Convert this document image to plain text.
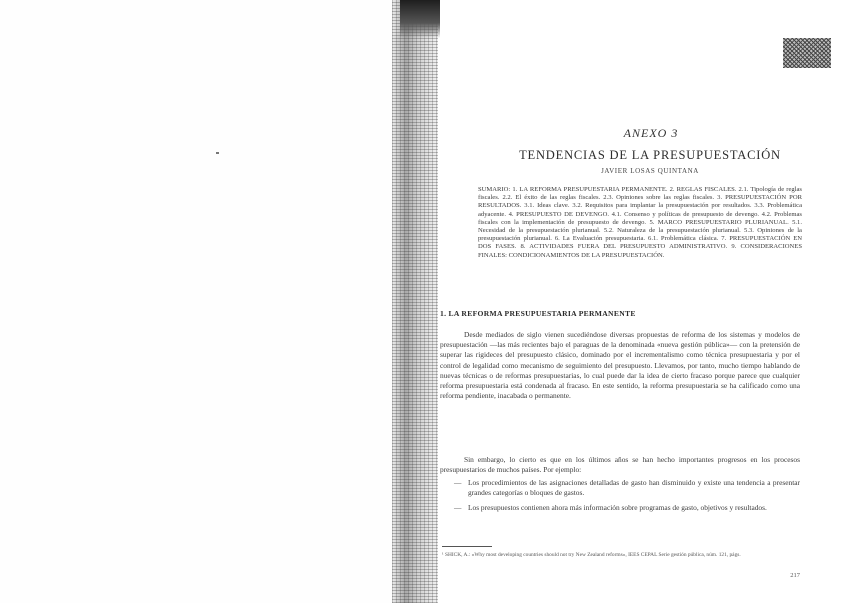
ANEXO 3
TENDENCIAS DE LA PRESUPUESTACIÓN
JAVIER LOSAS QUINTANA
SUMARIO: 1. LA REFORMA PRESUPUESTARIA PERMANENTE. 2. REGLAS FISCALES. 2.1. Tipología de reglas fiscales. 2.2. El éxito de las reglas fiscales. 2.3. Opiniones sobre las reglas fiscales. 3. PRESUPUESTACIÓN POR RESULTADOS. 3.1. Ideas clave. 3.2. Requisitos para implantar la presupuestación por resultados. 3.3. Problemática adyacente. 4. PRESUPUESTO DE DEVENGO. 4.1. Consenso y políticas de presupuesto de devengo. 4.2. Problemas fiscales con la implementación de presupuesto de devengo. 5. MARCO PRESUPUESTARIO PLURIANUAL. 5.1. Necesidad de la presupuestación plurianual. 5.2. Naturaleza de la presupuestación plurianual. 5.3. Opiniones de la presupuestación plurianual. 6. La Evaluación presupuestaria. 6.1. Problemática clásica. 7. PRESUPUESTACIÓN EN DOS FASES. 8. ACTIVIDADES FUERA DEL PRESUPUESTO ADMINISTRATIVO. 9. CONSIDERACIONES FINALES: CONDICIONAMIENTOS DE LA PRESUPUESTACIÓN.
1. LA REFORMA PRESUPUESTARIA PERMANENTE
Desde mediados de siglo vienen sucediéndose diversas propuestas de reforma de los sistemas y modelos de presupuestación —las más recientes bajo el paraguas de la denominada «nueva gestión pública»— con la pretensión de superar las rigideces del presupuesto clásico, dominado por el incrementalismo como técnica presupuestaria y por el control de legalidad como mecanismo de seguimiento del presupuesto. Llevamos, por tanto, mucho tiempo hablando de nuevas técnicas o de reformas presupuestarias, lo cual puede dar la idea de cierto fracaso porque parece que cualquier reforma presupuestaria está condenada al fracaso. En este sentido, la reforma presupuestaria se ha calificado como una reforma pendiente, inacabada o permanente.
Sin embargo, lo cierto es que en los últimos años se han hecho importantes progresos en los procesos presupuestarios de muchos países. Por ejemplo:
— Los procedimientos de las asignaciones detalladas de gasto han disminuido y existe una tendencia a presentar grandes categorías o bloques de gastos.
— Los presupuestos contienen ahora más información sobre programas de gasto, objetivos y resultados.
¹ SHICK, A.: «Why most developing countries should not try New Zealand reforms», IEES CEPAL Serie gestión pública, núm. 121, págs.
217
